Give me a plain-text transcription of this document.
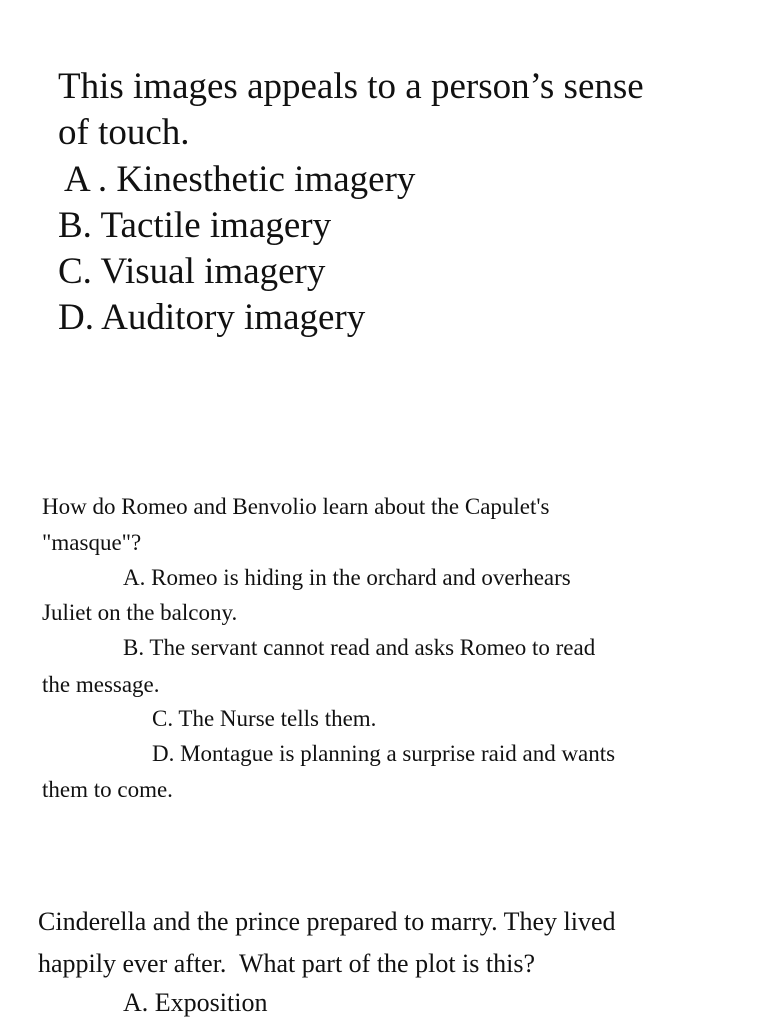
This images appeals to a person’s sense
of touch.
A . Kinesthetic imagery
B. Tactile imagery
C. Visual imagery
D. Auditory imagery
How do Romeo and Benvolio learn about the Capulet's
"masque"?
A. Romeo is hiding in the orchard and overhears
Juliet on the balcony.
B. The servant cannot read and asks Romeo to read
the message.
C. The Nurse tells them.
D. Montague is planning a surprise raid and wants
them to come.
Cinderella and the prince prepared to marry. They lived
happily ever after.  What part of the plot is this?
A. Exposition
